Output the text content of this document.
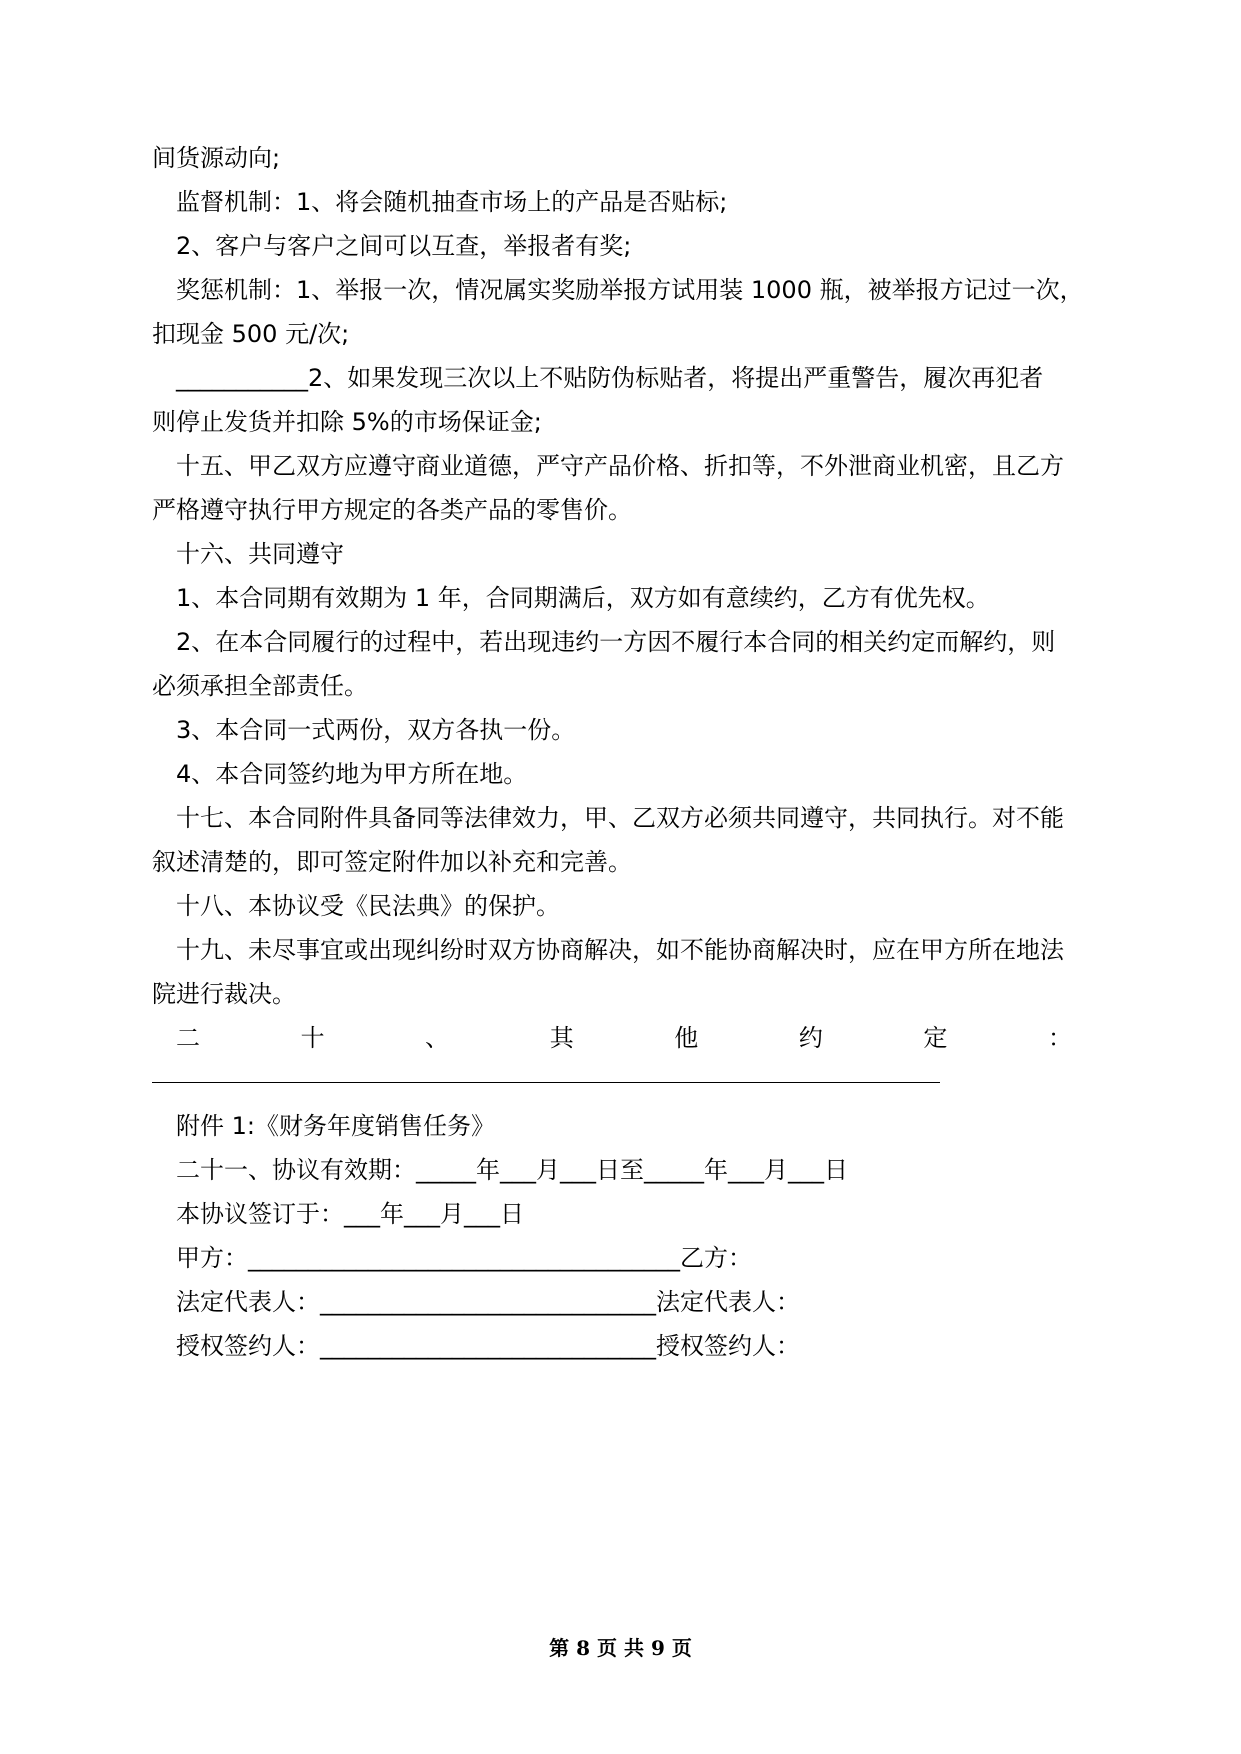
间货源动向;
监督机制：1、将会随机抽查市场上的产品是否贴标;
2、客户与客户之间可以互查，举报者有奖;
奖惩机制：1、举报一次，情况属实奖励举报方试用装 1000 瓶，被举报方记过一次，
扣现金 500 元/次;
___________2、如果发现三次以上不贴防伪标贴者，将提出严重警告，履次再犯者
则停止发货并扣除 5%的市场保证金;
十五、甲乙双方应遵守商业道德，严守产品价格、折扣等，不外泄商业机密，且乙方
严格遵守执行甲方规定的各类产品的零售价。
十六、共同遵守
1、本合同期有效期为 1 年，合同期满后，双方如有意续约，乙方有优先权。
2、在本合同履行的过程中，若出现违约一方因不履行本合同的相关约定而解约，则
必须承担全部责任。
3、本合同一式两份，双方各执一份。
4、本合同签约地为甲方所在地。
十七、本合同附件具备同等法律效力，甲、乙双方必须共同遵守，共同执行。对不能
叙述清楚的，即可签定附件加以补充和完善。
十八、本协议受《民法典》的保护。
十九、未尽事宜或出现纠纷时双方协商解决，如不能协商解决时，应在甲方所在地法
院进行裁决。
二	十	、	其	他	约	定	：
附件 1:《财务年度销售任务》
二十一、协议有效期：_____年___月___日至_____年___月___日
本协议签订于：___年___月___日
甲方：____________________________________乙方：
法定代表人：____________________________法定代表人：
授权签约人：____________________________授权签约人：
第 8 页 共 9 页
